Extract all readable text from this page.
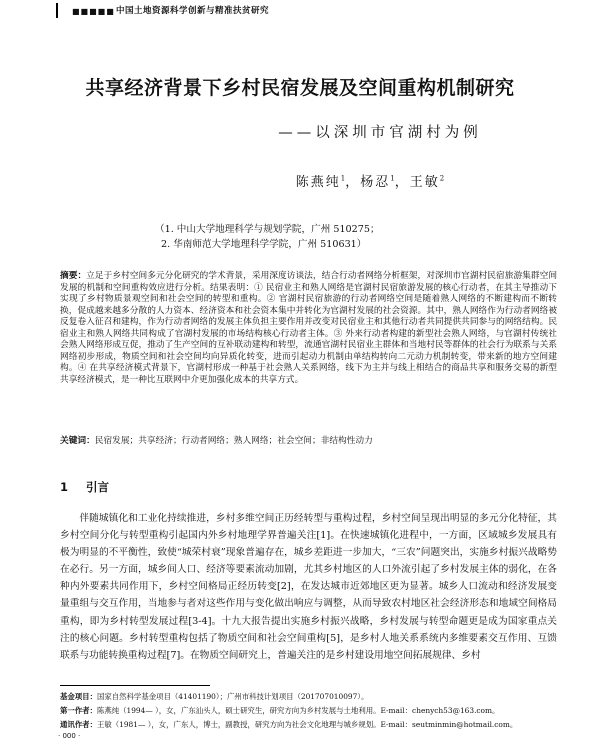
■■■■■ 中国土地资源科学创新与精准扶贫研究
共享经济背景下乡村民宿发展及空间重构机制研究
——以深圳市官湖村为例
陈燕纯$^1$，杨忍$^1$，王敏$^2$
（1. 中山大学地理科学与规划学院，广州 510275；
2. 华南师范大学地理科学学院，广州 510631）
摘要：立足于乡村空间多元分化研究的学术背景，采用深度访谈法，结合行动者网络分析框架，对深圳市官湖村民宿旅游集群空间发展的机制和空间重构效应进行分析。结果表明：① 民宿业主和熟人网络是官湖村民宿旅游发展的核心行动者，在其主导推动下实现了乡村物质景观空间和社会空间的转型和重构。② 官湖村民宿旅游的行动者网络空间是随着熟人网络的不断建构而不断转换，促成越来越多分散的人力资本、经济资本和社会资本集中并转化为官湖村发展的社会资源。其中，熟人网络作为行动者网络被反复卷入征召和建构，作为行动者网络的发展主体负担主要作用并改变对民宿业主和其他行动者共同提供共同参与的网络结构。民宿业主和熟人网络共同构成了官湖村发展的市场结构核心行动者主体。③ 外来行动者构建的新型社会熟人网络，与官湖村传统社会熟人网络形成互促，推动了生产空间的互补联动建构和转型，流通官湖村民宿业主群体和当地村民等群体的社会行为联系与关系网络初步形成，物质空间和社会空间均向异质化转变，进而引起动力机制由单结构转向二元动力机制转变，带来新的地方空间建构。④ 在共享经济模式背景下，官湖村形成一种基于社会熟人关系网络，线下为主并与线上相结合的商品共享和服务交易的新型共享经济模式，是一种比互联网中介更加强化成本的共享方式。
关键词：民宿发展；共享经济；行动者网络；熟人网络；社会空间；非结构性动力
1 引言
伴随城镇化和工业化持续推进，乡村多维空间正历经转型与重构过程，乡村空间呈现出明显的多元分化特征，其乡村空间分化与转型重构引起国内外乡村地理学界普遍关注[1]。在快速城镇化进程中，一方面，区域城乡发展具有极为明显的不平衡性，致使“城荣村衰”现象普遍存在，城乡差距进一步加大，“三农”问题突出，实施乡村振兴战略势在必行。另一方面，城乡间人口、经济等要素流动加剧，尤其乡村地区的人口外流引起了乡村发展主体的弱化，在各种内外要素共同作用下，乡村空间格局正经历转变[2]，在发达城市近郊地区更为显著。城乡人口流动和经济发展变量重组与交互作用，当地参与者对这些作用与变化做出响应与调整，从而导致农村地区社会经济形态和地域空间格局重构，即为乡村转型发展过程[3-4]。十九大报告提出实施乡村振兴战略，乡村发展与转型命题更是成为国家重点关注的核心问题。乡村转型重构包括了物质空间和社会空间重构[5]，是乡村人地关系系统内多维要素交互作用、互馈联系与功能转换重构过程[7]。在物质空间研究上，普遍关注的是乡村建设用地空间拓展规律、乡村
基金项目：国家自然科学基金项目（41401190）；广州市科技计划项目（201707010097）。
第一作者：陈燕纯（1994— ），女，广东汕头人，硕士研究生，研究方向为乡村发展与土地利用。E-mail：chenych53@163.com。
通讯作者：王敏（1981— ），女，广东人，博士，副教授，研究方向为社会文化地理与城乡规划。E-mail：seutminmin@hotmail.com。
· 000 ·
